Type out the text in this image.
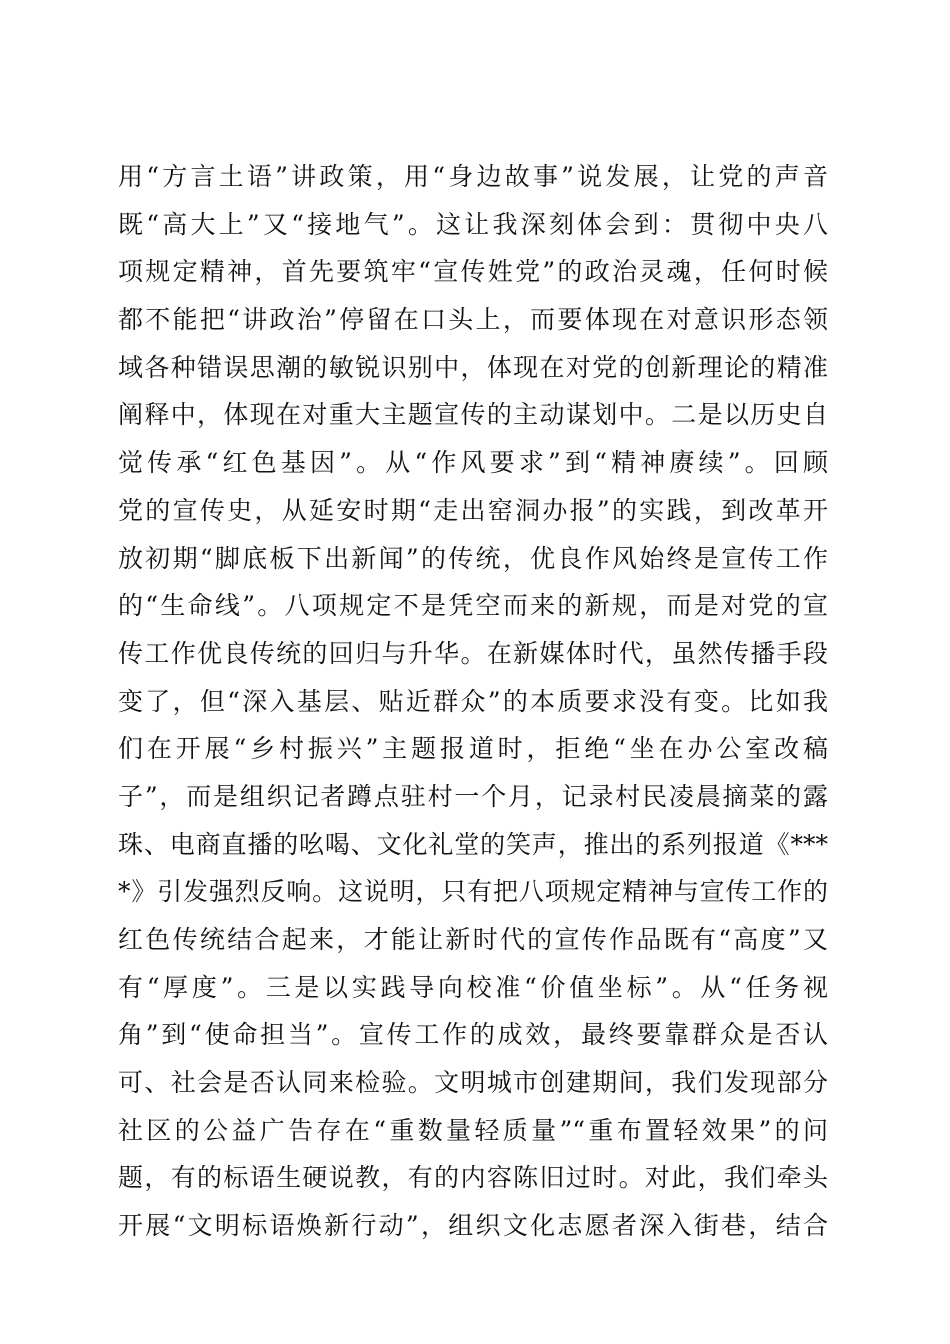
用“方言土语”讲政策，用“身边故事”说发展，让党的声音
既“高大上”又“接地气”。这让我深刻体会到：贯彻中央八
项规定精神，首先要筑牢“宣传姓党”的政治灵魂，任何时候
都不能把“讲政治”停留在口头上，而要体现在对意识形态领
域各种错误思潮的敏锐识别中，体现在对党的创新理论的精准
阐释中，体现在对重大主题宣传的主动谋划中。二是以历史自
觉传承“红色基因”。从“作风要求”到“精神赓续”。回顾
党的宣传史，从延安时期“走出窑洞办报”的实践，到改革开
放初期“脚底板下出新闻”的传统，优良作风始终是宣传工作
的“生命线”。八项规定不是凭空而来的新规，而是对党的宣
传工作优良传统的回归与升华。在新媒体时代，虽然传播手段
变了，但“深入基层、贴近群众”的本质要求没有变。比如我
们在开展“乡村振兴”主题报道时，拒绝“坐在办公室改稿
子”，而是组织记者蹲点驻村一个月，记录村民凌晨摘菜的露
珠、电商直播的吆喝、文化礼堂的笑声，推出的系列报道《***
*》引发强烈反响。这说明，只有把八项规定精神与宣传工作的
红色传统结合起来，才能让新时代的宣传作品既有“高度”又
有“厚度”。三是以实践导向校准“价值坐标”。从“任务视
角”到“使命担当”。宣传工作的成效，最终要靠群众是否认
可、社会是否认同来检验。文明城市创建期间，我们发现部分
社区的公益广告存在“重数量轻质量”“重布置轻效果”的问
题，有的标语生硬说教，有的内容陈旧过时。对此，我们牵头
开展“文明标语焕新行动”，组织文化志愿者深入街巷，结合
